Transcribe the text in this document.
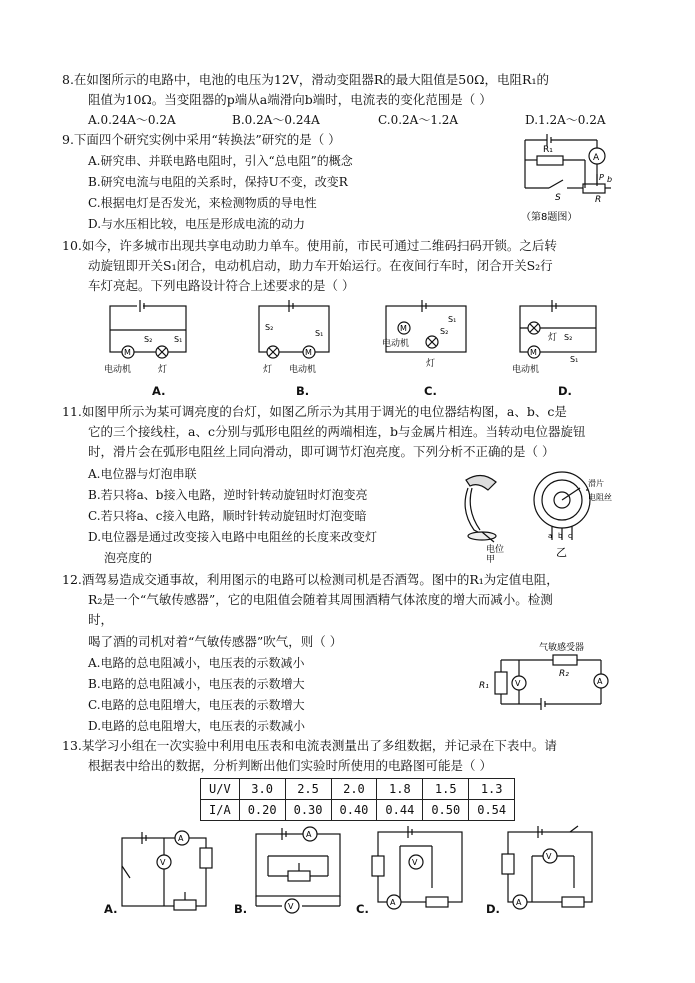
8.在如图所示的电路中，电池的电压为12V，滑动变阻器R的最大阻值是50Ω，电阻R₁的
阻值为10Ω。当变阻器的p端从a端滑向b端时，电流表的变化范围是（ ）
A.0.24A～0.2A	B.0.2A～0.24A	C.0.2A～1.2A	D.1.2A～0.2A
9.下面四个研究实例中采用“转换法”研究的是（ ）
A.研究串、并联电路电阻时，引入“总电阻”的概念
B.研究电流与电阻的关系时，保持U不变，改变R
C.根据电灯是否发光，来检测物质的导电性
D.与水压相比较，电压是形成电流的动力
R₁
A
S
P b
R
（第8题图）
10.如今，许多城市出现共享电动助力单车。使用前，市民可通过二维码扫码开锁。之后转
动旋钮即开关S₁闭合，电动机启动，助力车开始运行。在夜间行车时，闭合开关S₂行
车灯亮起。下列电路设计符合上述要求的是（ ）
M
S₂	S₁
电动机	灯
A.
M
S₂
S₁
灯 电动机
B.
M
S₁
S₂
电动机
灯
C.
M
灯 S₂
S₁
电动机
D.
11.如图甲所示为某可调亮度的台灯，如图乙所示为其用于调光的电位器结构图，a、b、c是
它的三个接线柱，a、c分别与弧形电阻丝的两端相连，b与金属片相连。当转动电位器旋钮
时，滑片会在弧形电阻丝上同向滑动，即可调节灯泡亮度。下列分析不正确的是（ ）
A.电位器与灯泡串联
B.若只将a、b接入电路，逆时针转动旋钮时灯泡变亮
C.若只将a、c接入电路，顺时针转动旋钮时灯泡变暗
D.电位器是通过改变接入电路中电阻丝的长度来改变灯
泡亮度的
滑片
电阻丝
a b c
电位
甲
乙
12.酒驾易造成交通事故，利用图示的电路可以检测司机是否酒驾。图中的R₁为定值电阻，
R₂是一个“气敏传感器”，它的电阻值会随着其周围酒精气体浓度的增大而减小。检测
时，
喝了酒的司机对着“气敏传感器”吹气，则（ ）
A.电路的总电阻减小，电压表的示数减小
B.电路的总电阻减小，电压表的示数增大
C.电路的总电阻增大，电压表的示数增大
D.电路的总电阻增大，电压表的示数减小
气敏感受器
R₂
R₁	V	A
13.某学习小组在一次实验中利用电压表和电流表测量出了多组数据，并记录在下表中。请
根据表中给出的数据，分析判断出他们实验时所使用的电路图可能是（ ）
U/V	3.0	2.5	2.0	1.8	1.5	1.3
I/A	0.20	0.30	0.40	0.44	0.50	0.54
A
V
A.
A
V
B.
V
A
C.
V
A
D.
